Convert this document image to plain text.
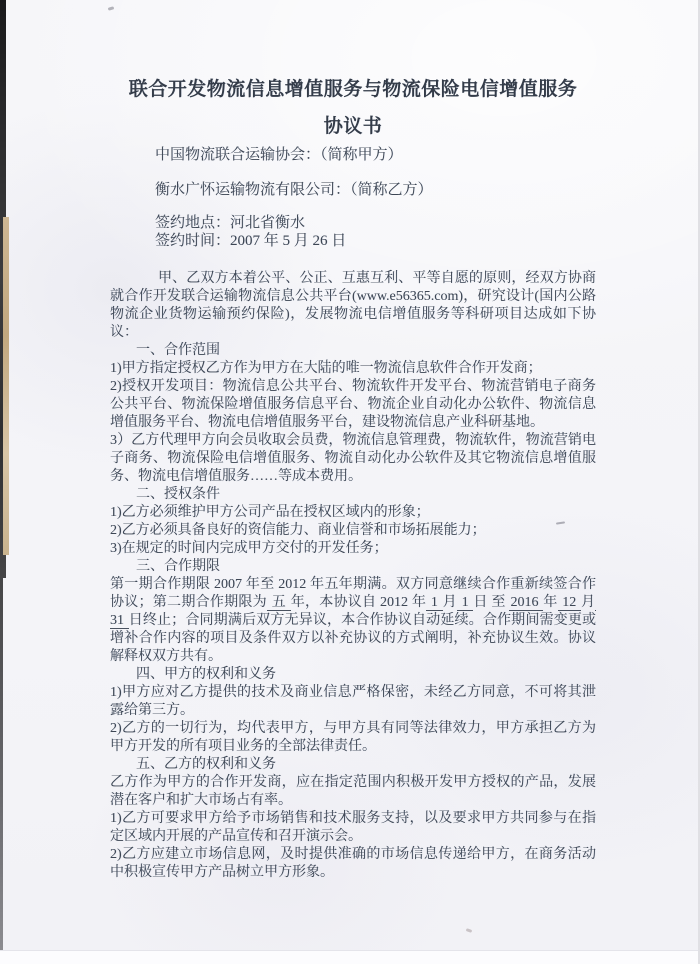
联合开发物流信息增值服务与物流保险电信增值服务

协议书

中国物流联合运输协会：（简称甲方）

衡水广怀运输物流有限公司：（简称乙方）

签约地点：河北省衡水

签约时间：2007 年 5 月 26 日

甲、乙双方本着公平、公正、互惠互利、平等自愿的原则，经双方协商就合作开发联合运输物流信息公共平台(www.e56365.com)，研究设计(国内公路物流企业货物运输预约保险)，发展物流电信增值服务等科研项目达成如下协议：

一、合作范围

1)甲方指定授权乙方作为甲方在大陆的唯一物流信息软件合作开发商；

2)授权开发项目：物流信息公共平台、物流软件开发平台、物流营销电子商务公共平台、物流保险增值服务信息平台、物流企业自动化办公软件、物流信息增值服务平台、物流电信增值服务平台，建设物流信息产业科研基地。

3）乙方代理甲方向会员收取会员费，物流信息管理费，物流软件，物流营销电子商务、物流保险电信增值服务、物流自动化办公软件及其它物流信息增值服务、物流电信增值服务……等成本费用。

二、授权条件

1)乙方必须维护甲方公司产品在授权区域内的形象；

2)乙方必须具备良好的资信能力、商业信誉和市场拓展能力；

3)在规定的时间内完成甲方交付的开发任务；

三、合作期限

第一期合作期限 2007 年至 2012 年五年期满。双方同意继续合作重新续签合作协议；第二期合作期限为 五 年，本协议自 2012 年 1 月 1 日 至 2016 年 12 月 31 日终止；合同期满后双方无异议，本合作协议自动延续。合作期间需变更或增补合作内容的项目及条件双方以补充协议的方式阐明，补充协议生效。协议解释权双方共有。

四、甲方的权利和义务

1)甲方应对乙方提供的技术及商业信息严格保密，未经乙方同意，不可将其泄露给第三方。

2)乙方的一切行为，均代表甲方，与甲方具有同等法律效力，甲方承担乙方为甲方开发的所有项目业务的全部法律责任。

五、乙方的权利和义务

乙方作为甲方的合作开发商，应在指定范围内积极开发甲方授权的产品，发展潜在客户和扩大市场占有率。

1)乙方可要求甲方给予市场销售和技术服务支持，以及要求甲方共同参与在指定区域内开展的产品宣传和召开演示会。

2)乙方应建立市场信息网，及时提供准确的市场信息传递给甲方，在商务活动中积极宣传甲方产品树立甲方形象。
